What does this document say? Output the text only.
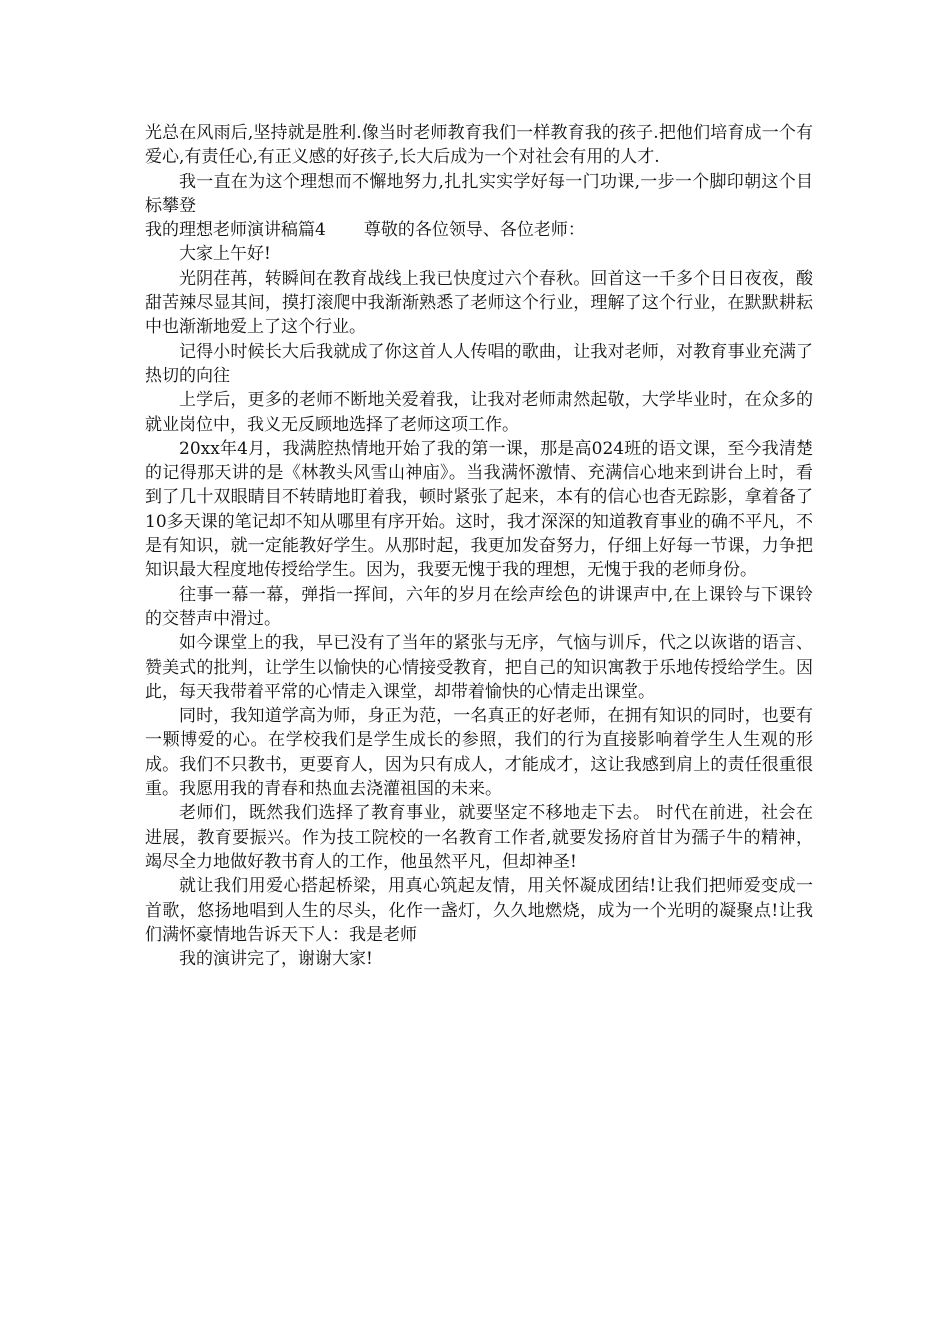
光总在风雨后,坚持就是胜利.像当时老师教育我们一样教育我的孩子.把他们培育成一个有爱心,有责任心,有正义感的好孩子,长大后成为一个对社会有用的人才.

我一直在为这个理想而不懈地努力,扎扎实实学好每一门功课,一步一个脚印朝这个目标攀登

我的理想老师演讲稿篇4 尊敬的各位领导、各位老师：

大家上午好!

光阴荏苒，转瞬间在教育战线上我已快度过六个春秋。回首这一千多个日日夜夜，酸甜苦辣尽显其间，摸打滚爬中我渐渐熟悉了老师这个行业，理解了这个行业，在默默耕耘中也渐渐地爱上了这个行业。

记得小时候长大后我就成了你这首人人传唱的歌曲，让我对老师，对教育事业充满了热切的向往

上学后，更多的老师不断地关爱着我，让我对老师肃然起敬，大学毕业时，在众多的就业岗位中，我义无反顾地选择了老师这项工作。

20xx年4月，我满腔热情地开始了我的第一课，那是高024班的语文课，至今我清楚的记得那天讲的是《林教头风雪山神庙》。当我满怀激情、充满信心地来到讲台上时，看到了几十双眼睛目不转睛地盯着我，顿时紧张了起来，本有的信心也杳无踪影，拿着备了10多天课的笔记却不知从哪里有序开始。这时，我才深深的知道教育事业的确不平凡，不是有知识，就一定能教好学生。从那时起，我更加发奋努力，仔细上好每一节课，力争把知识最大程度地传授给学生。因为，我要无愧于我的理想，无愧于我的老师身份。

往事一幕一幕，弹指一挥间，六年的岁月在绘声绘色的讲课声中,在上课铃与下课铃的交替声中滑过。

如今课堂上的我，早已没有了当年的紧张与无序，气恼与训斥，代之以诙谐的语言、赞美式的批判，让学生以愉快的心情接受教育，把自己的知识寓教于乐地传授给学生。因此，每天我带着平常的心情走入课堂，却带着愉快的心情走出课堂。

同时，我知道学高为师，身正为范，一名真正的好老师，在拥有知识的同时，也要有一颗博爱的心。在学校我们是学生成长的参照，我们的行为直接影响着学生人生观的形成。我们不只教书，更要育人，因为只有成人，才能成才，这让我感到肩上的责任很重很重。我愿用我的青春和热血去浇灌祖国的未来。

老师们，既然我们选择了教育事业，就要坚定不移地走下去。 时代在前进，社会在进展，教育要振兴。作为技工院校的一名教育工作者,就要发扬府首甘为孺子牛的精神，竭尽全力地做好教书育人的工作，他虽然平凡，但却神圣!

就让我们用爱心搭起桥梁，用真心筑起友情，用关怀凝成团结!让我们把师爱变成一首歌，悠扬地唱到人生的尽头，化作一盏灯，久久地燃烧，成为一个光明的凝聚点!让我们满怀豪情地告诉天下人：我是老师

我的演讲完了，谢谢大家!
